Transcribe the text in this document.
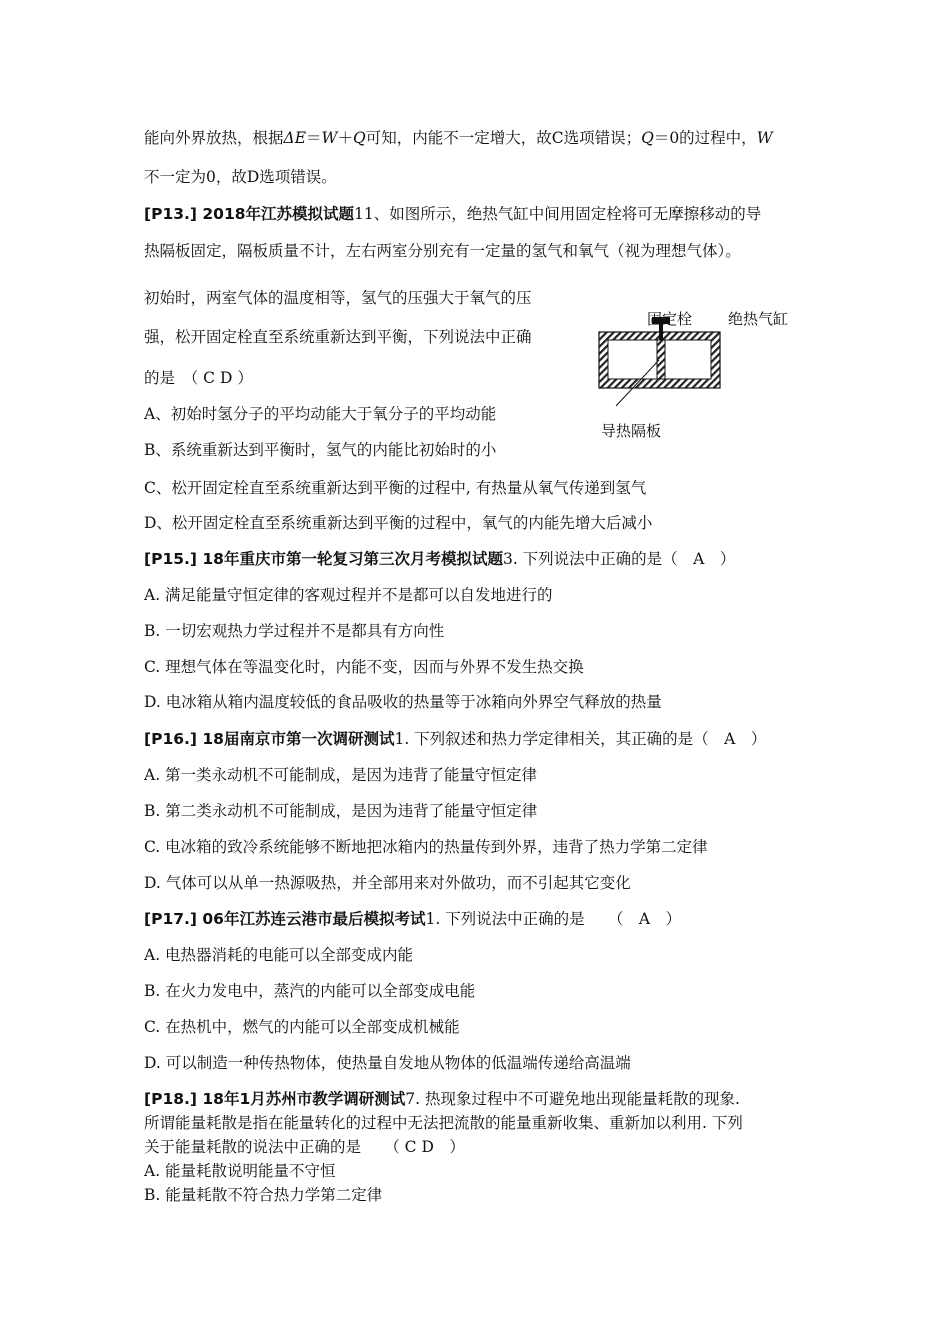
能向外界放热，根据ΔE＝W＋Q可知，内能不一定增大，故C选项错误；Q＝0的过程中，W
不一定为0，故D选项错误。
[P13.] 2018年江苏模拟试题11、如图所示，绝热气缸中间用固定栓将可无摩擦移动的导
热隔板固定，隔板质量不计，左右两室分别充有一定量的氢气和氧气（视为理想气体）。
初始时，两室气体的温度相等，氢气的压强大于氧气的压
强，松开固定栓直至系统重新达到平衡，下列说法中正确
的是　（ C D ）
A、初始时氢分子的平均动能大于氧分子的平均动能
B、系统重新达到平衡时，氢气的内能比初始时的小
C、松开固定栓直至系统重新达到平衡的过程中, 有热量从氧气传递到氢气
D、松开固定栓直至系统重新达到平衡的过程中，氧气的内能先增大后减小
固定栓 绝热气缸
导热隔板
[P15.] 18年重庆市第一轮复习第三次月考模拟试题3. 下列说法中正确的是（　A　）
A. 满足能量守恒定律的客观过程并不是都可以自发地进行的
B. 一切宏观热力学过程并不是都具有方向性
C. 理想气体在等温变化时，内能不变，因而与外界不发生热交换
D. 电冰箱从箱内温度较低的食品吸收的热量等于冰箱向外界空气释放的热量
[P16.] 18届南京市第一次调研测试1. 下列叙述和热力学定律相关，其正确的是（　A　）
A. 第一类永动机不可能制成，是因为违背了能量守恒定律
B. 第二类永动机不可能制成，是因为违背了能量守恒定律
C. 电冰箱的致冷系统能够不断地把冰箱内的热量传到外界，违背了热力学第二定律
D. 气体可以从单一热源吸热，并全部用来对外做功，而不引起其它变化
[P17.] 06年江苏连云港市最后模拟考试1. 下列说法中正确的是　　（　A　）
A. 电热器消耗的电能可以全部变成内能
B. 在火力发电中，蒸汽的内能可以全部变成电能
C. 在热机中，燃气的内能可以全部变成机械能
D. 可以制造一种传热物体，使热量自发地从物体的低温端传递给高温端
[P18.] 18年1月苏州市教学调研测试7. 热现象过程中不可避免地出现能量耗散的现象.
所谓能量耗散是指在能量转化的过程中无法把流散的能量重新收集、重新加以利用. 下列
关于能量耗散的说法中正确的是　　（ C D　）
A. 能量耗散说明能量不守恒
B. 能量耗散不符合热力学第二定律
